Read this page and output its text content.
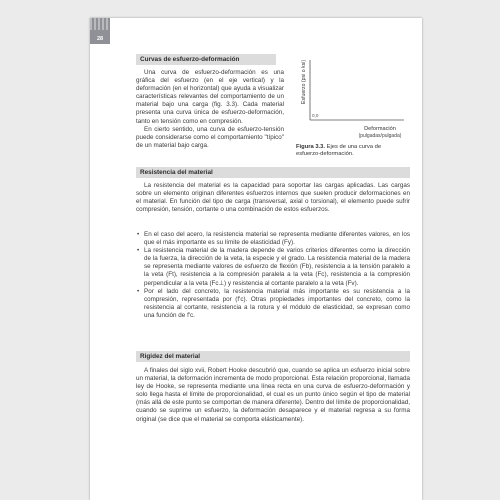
28
Curvas de esfuerzo-deformación

Una curva de esfuerzo-deformación es una gráfica del esfuerzo (en el eje vertical) y la deformación (en el horizontal) que ayuda a visualizar características relevantes del comportamiento de un material bajo una carga (fig. 3.3). Cada material presenta una curva única de esfuerzo-deformación, tanto en tensión como en compresión.

En cierto sentido, una curva de esfuerzo-tensión puede considerarse como el comportamiento "típico" de un material bajo carga.

Esfuerzo (psi o ksi)
0,0
Deformación
(pulgadas/pulgada)
Figura 3.3. Ejes de una curva de esfuerzo-deformación.
Resistencia del material

La resistencia del material es la capacidad para soportar las cargas aplicadas. Las cargas sobre un elemento originan diferentes esfuerzos internos que suelen producir deformaciones en el material. En función del tipo de carga (transversal, axial o torsional), el elemento puede sufrir compresión, tensión, cortante o una combinación de estos esfuerzos.

• En el caso del acero, la resistencia material se representa mediante diferentes valores, en los que el más importante es su límite de elasticidad (Fy).
• La resistencia material de la madera depende de varios criterios diferentes como la dirección de la fuerza, la dirección de la veta, la especie y el grado. La resistencia material de la madera se representa mediante valores de esfuerzo de flexión (Fb), resistencia a la tensión paralelo a la veta (Ft), resistencia a la compresión paralela a la veta (Fc), resistencia a la compresión perpendicular a la veta (Fc⊥) y resistencia al cortante paralelo a la veta (Fv).
• Por el lado del concreto, la resistencia material más importante es su resistencia a la compresión, representada por (f'c). Otras propiedades importantes del concreto, como la resistencia al cortante, resistencia a la rotura y el módulo de elasticidad, se expresan como una función de f'c.
Rigidez del material

A finales del siglo xvii, Robert Hooke descubrió que, cuando se aplica un esfuerzo inicial sobre un material, la deformación incrementa de modo proporcional. Esta relación proporcional, llamada ley de Hooke, se representa mediante una línea recta en una curva de esfuerzo-deformación y solo llega hasta el límite de proporcionalidad, el cual es un punto único según el tipo de material (más allá de este punto se comportan de manera diferente). Dentro del límite de proporcionalidad, cuando se suprime un esfuerzo, la deformación desaparece y el material regresa a su forma original (se dice que el material se comporta elásticamente).
